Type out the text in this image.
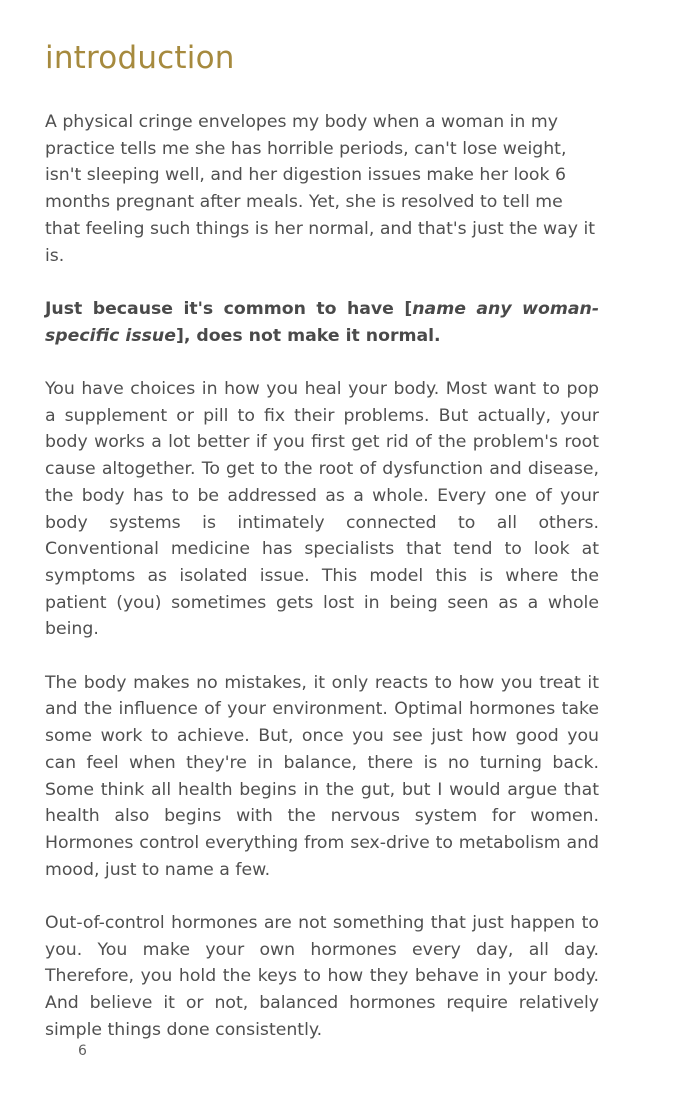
introduction

A physical cringe envelopes my body when a woman in my practice tells me she has horrible periods, can't lose weight, isn't sleeping well, and her digestion issues make her look 6 months pregnant after meals. Yet, she is resolved to tell me that feeling such things is her normal, and that's just the way it is.

Just because it's common to have [name any woman-specific issue], does not make it normal.

You have choices in how you heal your body. Most want to pop a supplement or pill to fix their problems. But actually, your body works a lot better if you first get rid of the problem's root cause altogether. To get to the root of dysfunction and disease, the body has to be addressed as a whole. Every one of your body systems is intimately connected to all others. Conventional medicine has specialists that tend to look at symptoms as isolated issue. This model this is where the patient (you) sometimes gets lost in being seen as a whole being.

The body makes no mistakes, it only reacts to how you treat it and the influence of your environment. Optimal hormones take some work to achieve. But, once you see just how good you can feel when they're in balance, there is no turning back. Some think all health begins in the gut, but I would argue that health also begins with the nervous system for women. Hormones control everything from sex-drive to metabolism and mood, just to name a few.

Out-of-control hormones are not something that just happen to you. You make your own hormones every day, all day. Therefore, you hold the keys to how they behave in your body. And believe it or not, balanced hormones require relatively simple things done consistently.

6
